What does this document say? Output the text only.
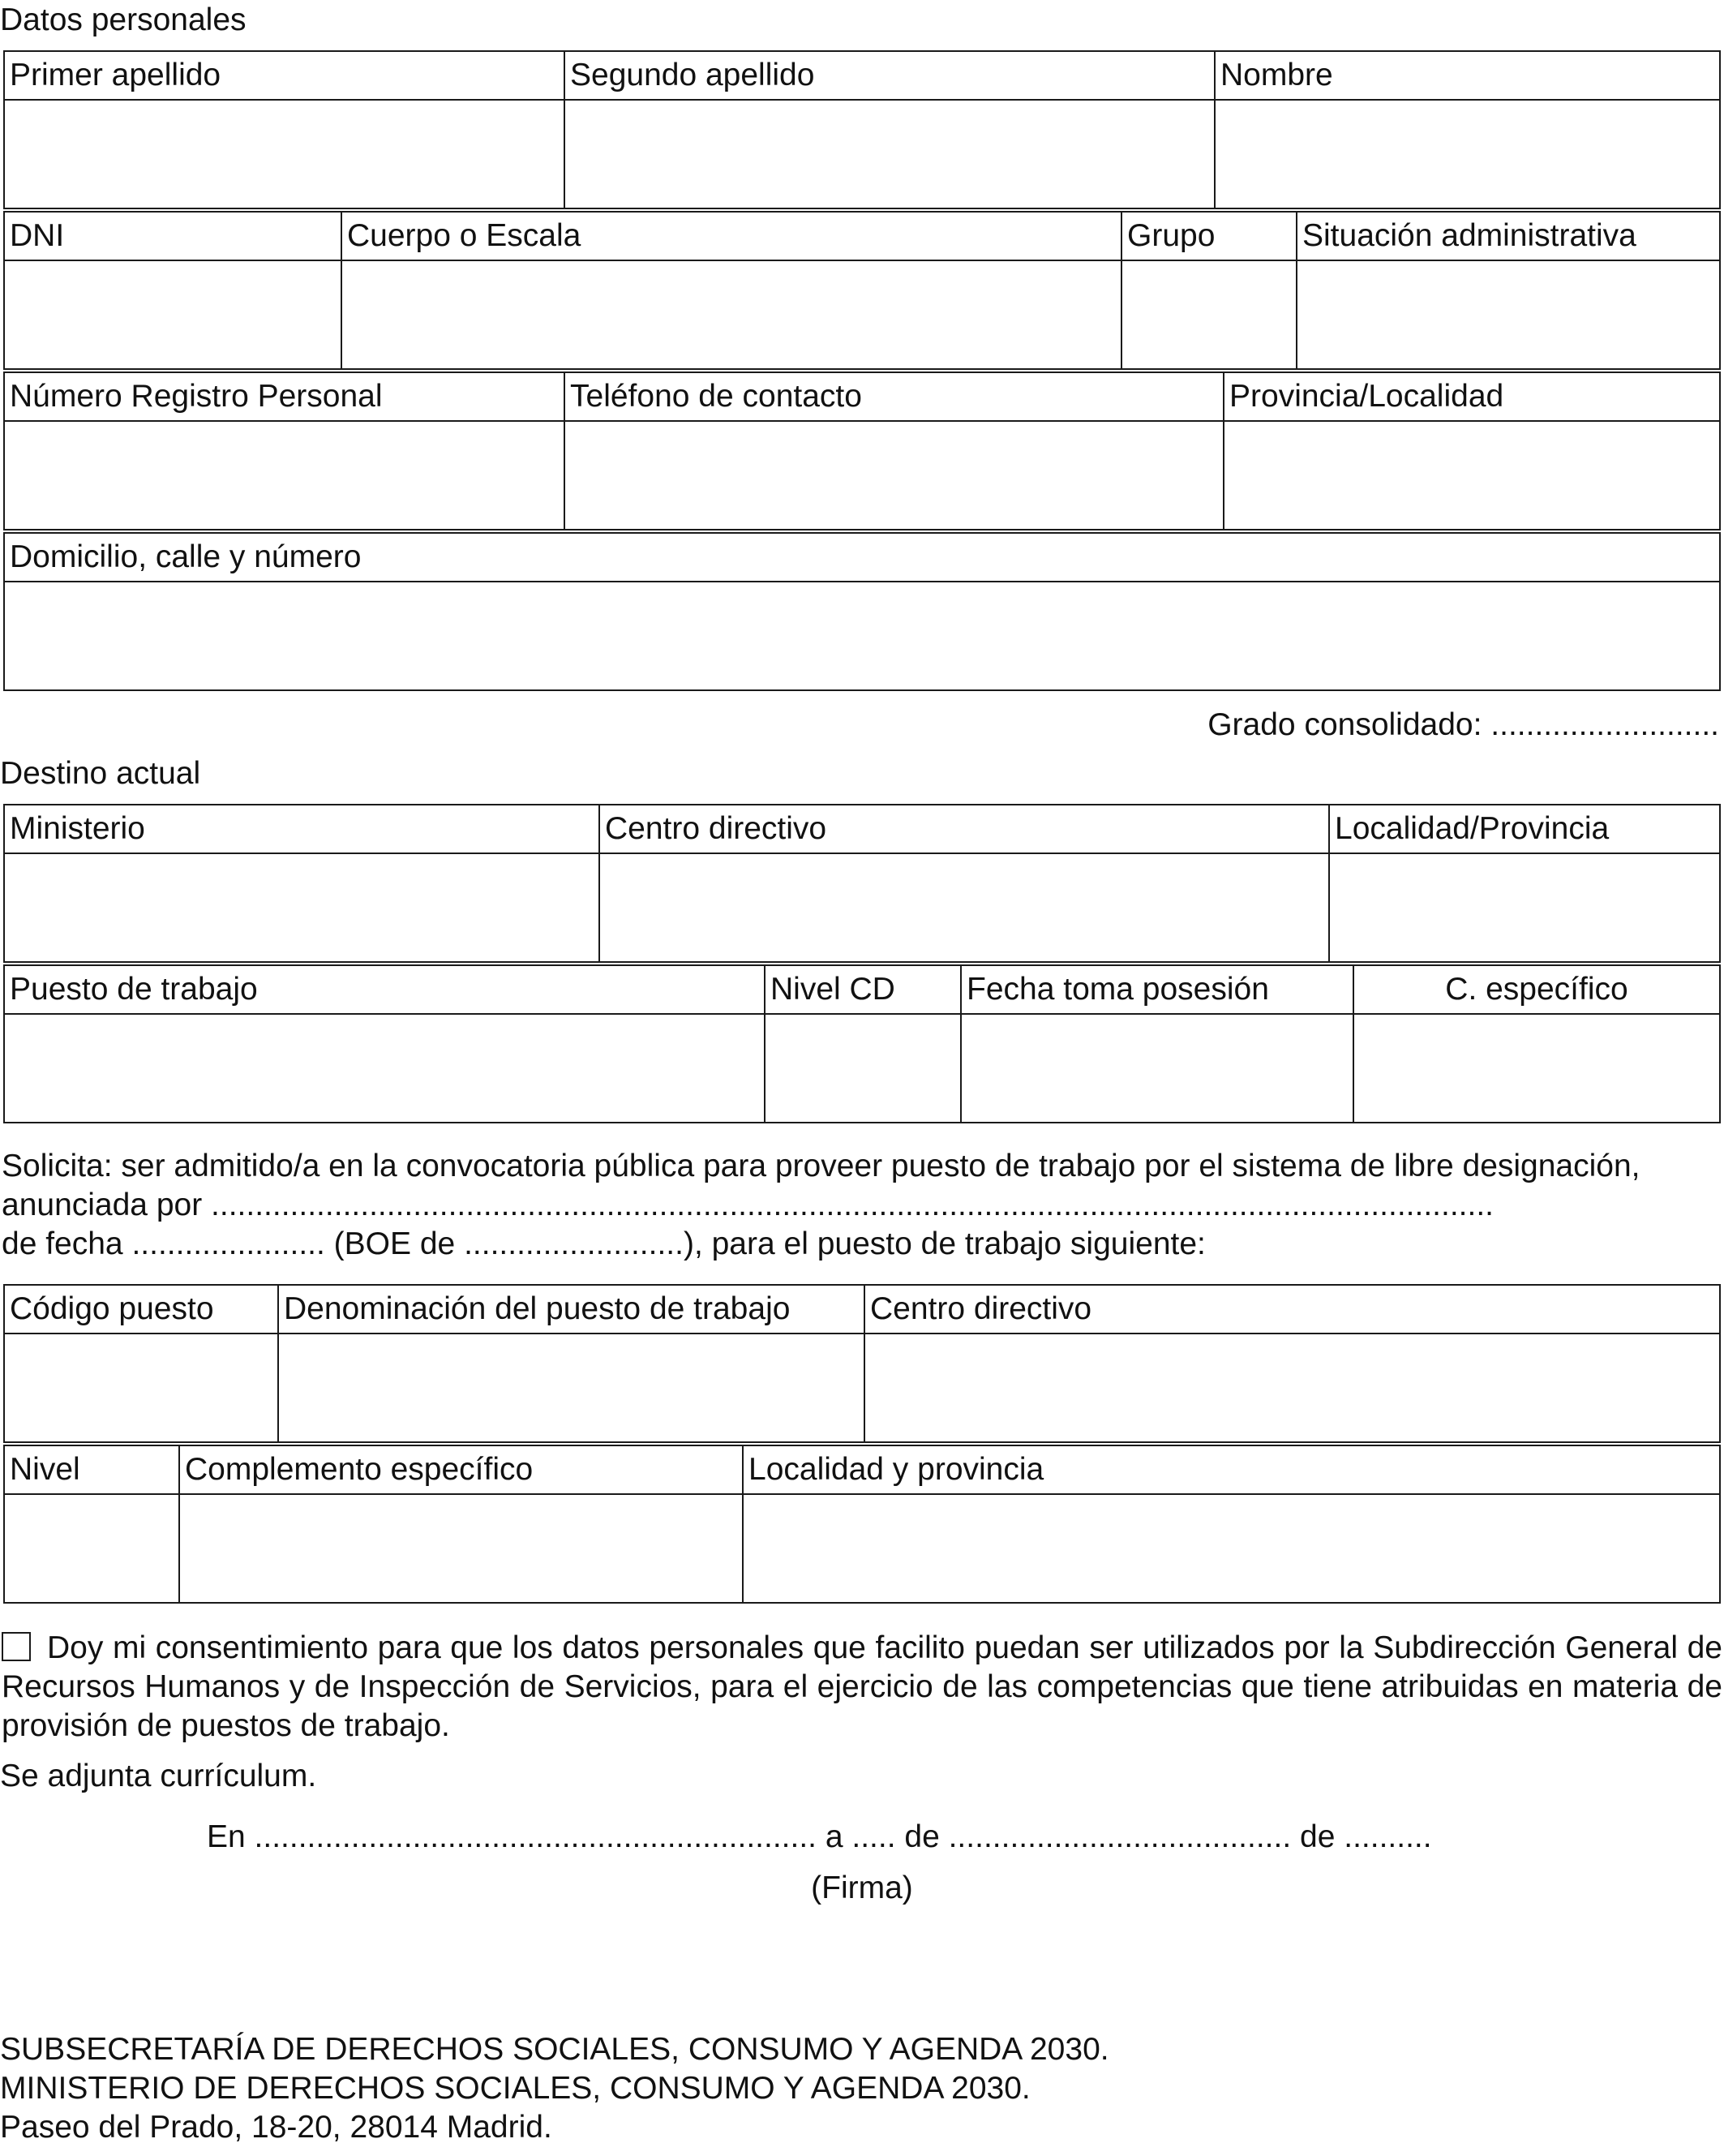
Datos personales
Primer apellido	Segundo apellido	Nombre

DNI	Cuerpo o Escala	Grupo	Situación administrativa

Número Registro Personal	Teléfono de contacto	Provincia/Localidad

Domicilio, calle y número

Grado consolidado: ..........................
Destino actual
Ministerio	Centro directivo	Localidad/Provincia

Puesto de trabajo	Nivel CD	Fecha toma posesión	C. específico

Solicita: ser admitido/a en la convocatoria pública para proveer puesto de trabajo por el sistema de libre designación,
anunciada por ..................................................................................................................................................
de fecha ...................... (BOE de .........................), para el puesto de trabajo siguiente:
Código puesto	Denominación del puesto de trabajo	Centro directivo

Nivel	Complemento específico	Localidad y provincia

Doy mi consentimiento para que los datos personales que facilito puedan ser utilizados por la Subdirección General de Recursos Humanos y de Inspección de Servicios, para el ejercicio de las competencias que tiene atribuidas en materia de provisión de puestos de trabajo.
Se adjunta currículum.
En ................................................................ a ..... de ....................................... de ..........
(Firma)
SUBSECRETARÍA DE DERECHOS SOCIALES, CONSUMO Y AGENDA 2030.
MINISTERIO DE DERECHOS SOCIALES, CONSUMO Y AGENDA 2030.
Paseo del Prado, 18-20, 28014 Madrid.
